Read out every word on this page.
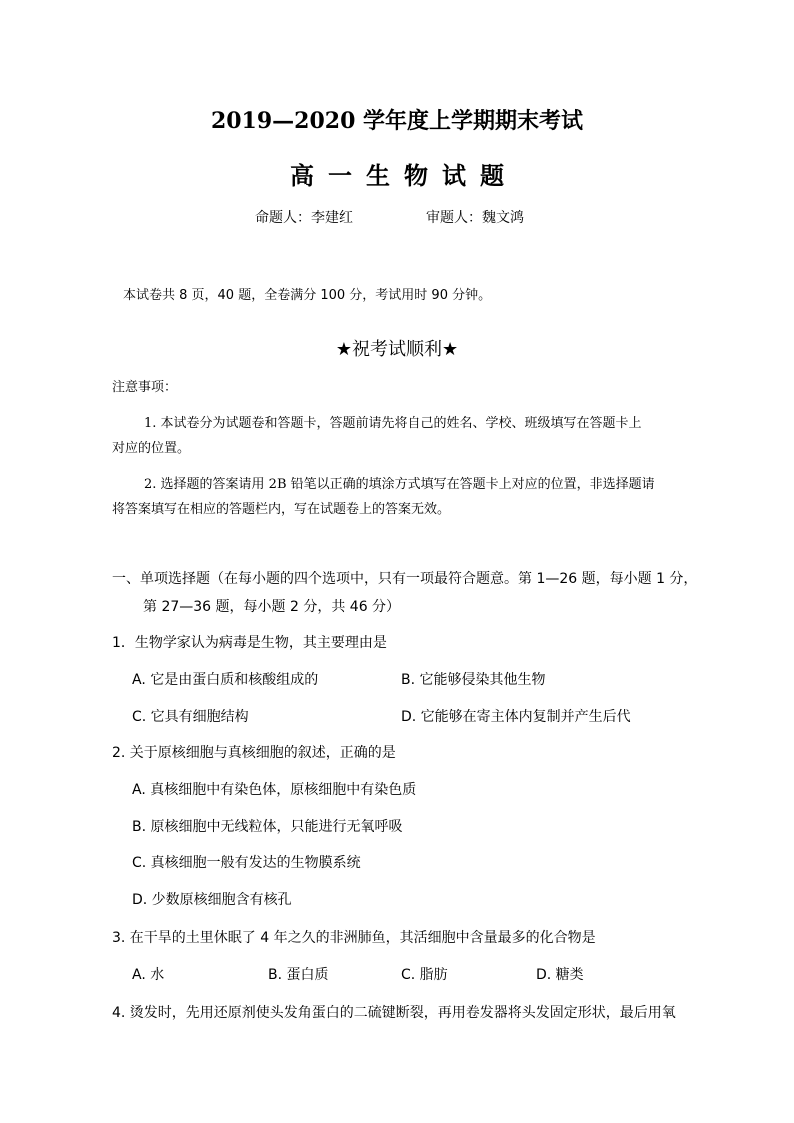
2019—2020 学年度上学期期末考试
高一生物试题
命题人：李建红	审题人：魏文鸿
本试卷共 8 页，40 题，全卷满分 100 分，考试用时 90 分钟。
★祝考试顺利★
注意事项：
1. 本试卷分为试题卷和答题卡，答题前请先将自己的姓名、学校、班级填写在答题卡上
对应的位置。
2. 选择题的答案请用 2B 铅笔以正确的填涂方式填写在答题卡上对应的位置，非选择题请
将答案填写在相应的答题栏内，写在试题卷上的答案无效。
一、单项选择题（在每小题的四个选项中，只有一项最符合题意。第 1—26 题，每小题 1 分，
第 27—36 题，每小题 2 分，共 46 分）
1．生物学家认为病毒是生物，其主要理由是
A. 它是由蛋白质和核酸组成的	B. 它能够侵染其他生物
C. 它具有细胞结构	D. 它能够在寄主体内复制并产生后代
2. 关于原核细胞与真核细胞的叙述，正确的是
A. 真核细胞中有染色体，原核细胞中有染色质
B. 原核细胞中无线粒体，只能进行无氧呼吸
C. 真核细胞一般有发达的生物膜系统
D. 少数原核细胞含有核孔
3. 在干旱的土里休眠了 4 年之久的非洲肺鱼，其活细胞中含量最多的化合物是
A. 水	B. 蛋白质	C. 脂肪	D. 糖类
4. 烫发时，先用还原剂使头发角蛋白的二硫键断裂，再用卷发器将头发固定形状，最后用氧
